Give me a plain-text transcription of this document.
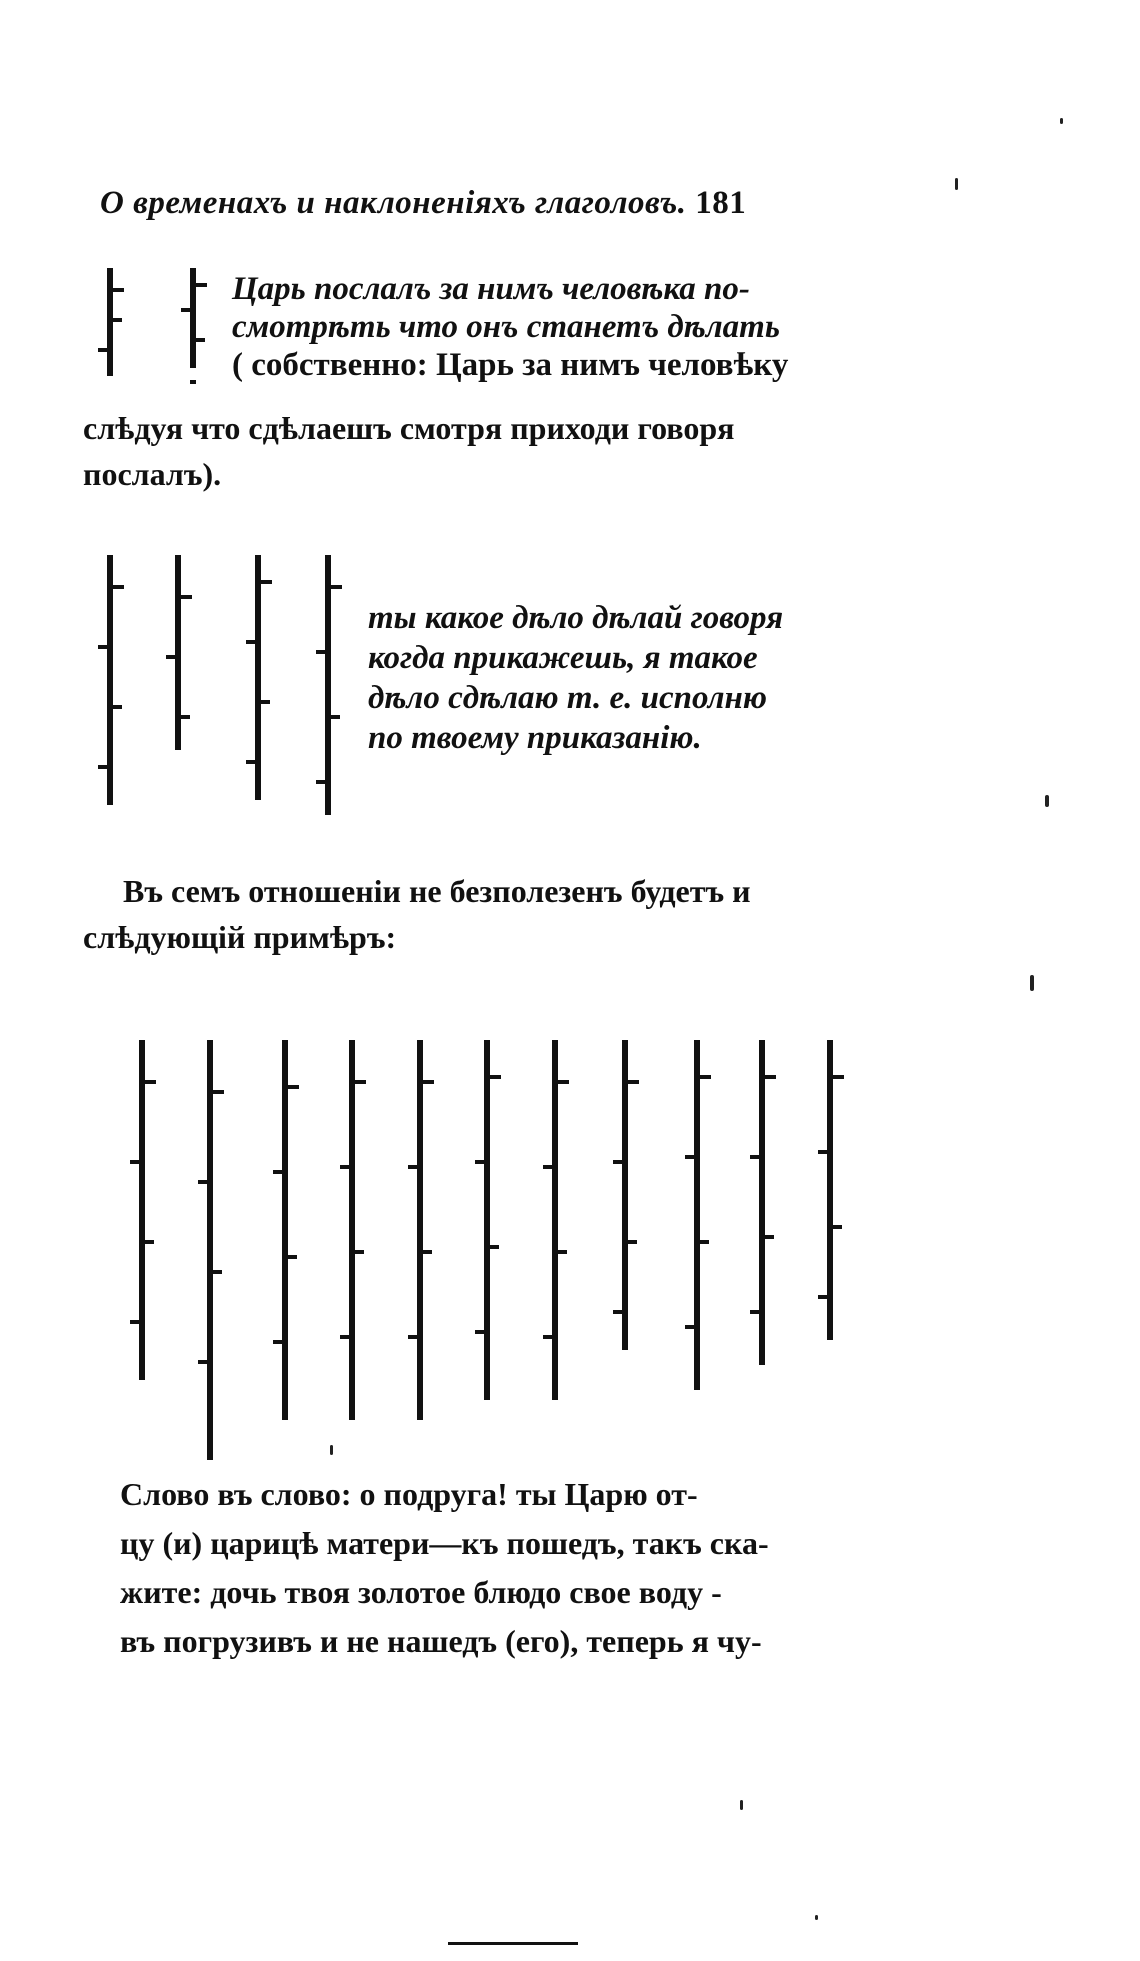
О временахъ и наклоненiяхъ глаголовъ. 181
Царь послалъ за нимъ человѣка по-
смотрѣть что онъ станетъ дѣлать
( собственно: Царь за нимъ человѣку
слѣдуя что сдѣлаешъ смотря приходи говоря
послалъ).
ты какое дѣло дѣлай говоря
когда прикажешь, я такое
дѣло сдѣлаю т. е. исполню
по твоему приказанiю.
Въ семъ отношенiи не безполезенъ будетъ и
слѣдующiй примѣръ:
Слово въ слово: о подруга! ты Царю от-
цу (и) царицѣ матери—къ пошедъ, такъ ска-
жите: дочь твоя золотое блюдо свое воду -
въ погрузивъ и не нашедъ (его), теперь я чу-
